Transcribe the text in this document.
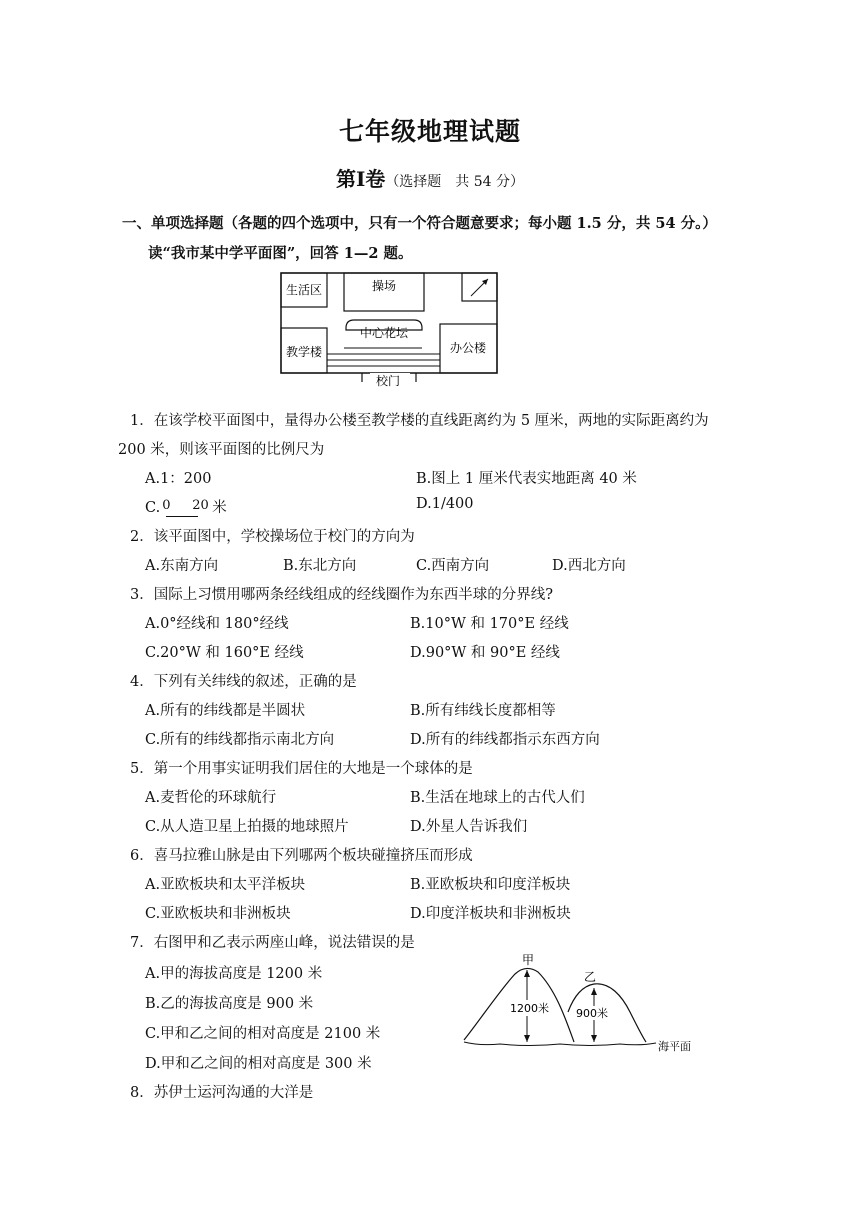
七年级地理试题
第Ⅰ卷（选择题　共 54 分）
一、单项选择题（各题的四个选项中，只有一个符合题意要求；每小题 1.5 分，共 54 分。）
读“我市某中学平面图”，回答 1—2 题。
生活区	操场
中心花坛
教学楼	办公楼
校门
1．在该学校平面图中，量得办公楼至教学楼的直线距离约为 5 厘米，两地的实际距离约为
200 米，则该平面图的比例尺为
A.1：200	B.图上 1 厘米代表实地距离 40 米
C. 0 20 米	D.1/400
2．该平面图中，学校操场位于校门的方向为
A.东南方向	B.东北方向	C.西南方向	D.西北方向
3．国际上习惯用哪两条经线组成的经线圈作为东西半球的分界线?
A.0°经线和 180°经线	B.10°W 和 170°E 经线
C.20°W 和 160°E 经线	D.90°W 和 90°E 经线
4．下列有关纬线的叙述，正确的是
A.所有的纬线都是半圆状	B.所有纬线长度都相等
C.所有的纬线都指示南北方向	D.所有的纬线都指示东西方向
5．第一个用事实证明我们居住的大地是一个球体的是
A.麦哲伦的环球航行	B.生活在地球上的古代人们
C.从人造卫星上拍摄的地球照片	D.外星人告诉我们
6．喜马拉雅山脉是由下列哪两个板块碰撞挤压而形成
A.亚欧板块和太平洋板块	B.亚欧板块和印度洋板块
C.亚欧板块和非洲板块	D.印度洋板块和非洲板块
7．右图甲和乙表示两座山峰，说法错误的是
A.甲的海拔高度是 1200 米
B.乙的海拔高度是 900 米
C.甲和乙之间的相对高度是 2100 米
D.甲和乙之间的相对高度是 300 米
1200米 900米
甲
乙
海平面
8．苏伊士运河沟通的大洋是
